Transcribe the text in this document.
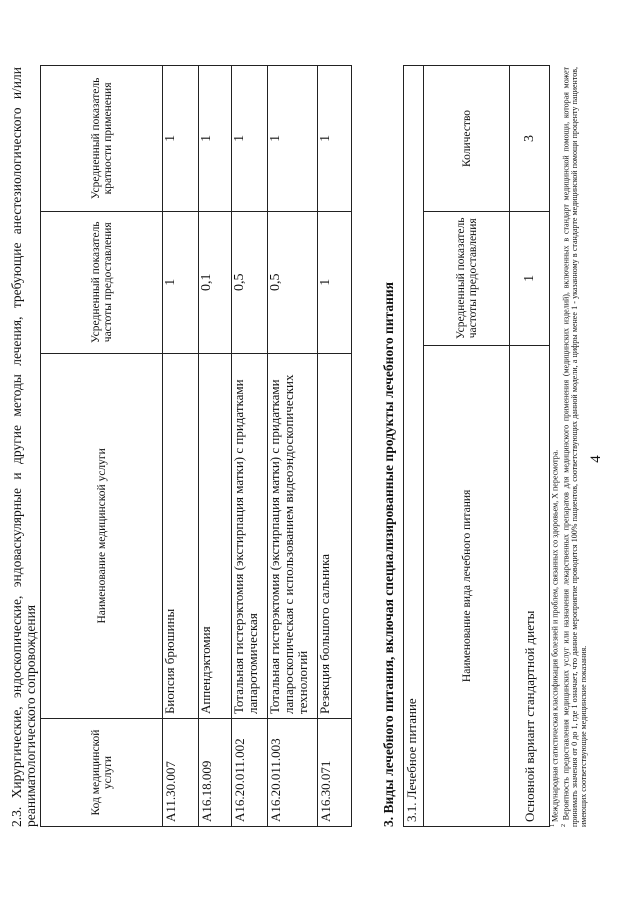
4
2.3. Хирургические, эндоскопические, эндоваскулярные и другие методы лечения, требующие анестезиологического и/или реаниматологического сопровождения	Код медицинской услуги	Наименование медицинской услуги	Усредненный показатель частоты предоставления	Усредненный показатель кратности применения
A11.30.007	Биопсия брюшины	1	1
A16.18.009	Аппендэктомия	0,1	1
A16.20.011.002	Тотальная гистерэктомия (экстирпация матки) с придатками лапаротомическая	0,5	1
A16.20.011.003	Тотальная гистерэктомия (экстирпация матки) с придатками лапароскопическая с использованием видеоэндоскопических технологий	0,5	1
A16.30.071	Резекция большого сальника	1	1
3. Виды лечебного питания, включая специализированные продукты лечебного питания 3.1. Лечебное питание		
Наименование вида лечебного питания	Усредненный показатель частоты предоставления	Количество
Основной вариант стандартной диеты	1	3

$^1$ Международная статистическая классификация болезней и проблем, связанных со здоровьем, X пересмотра.

$^2$ Вероятность предоставления медицинских услуг или назначения лекарственных препаратов для медицинского применения (медицинских изделий), включенных в стандарт медицинской помощи, которая может принимать значения от 0 до 1, где 1 означает, что данное мероприятие проводится 100% пациентов, соответствующих данной модели, а цифры менее 1 - указанному в стандарте медицинской помощи проценту пациентов, имеющих соответствующие медицинские показания.
